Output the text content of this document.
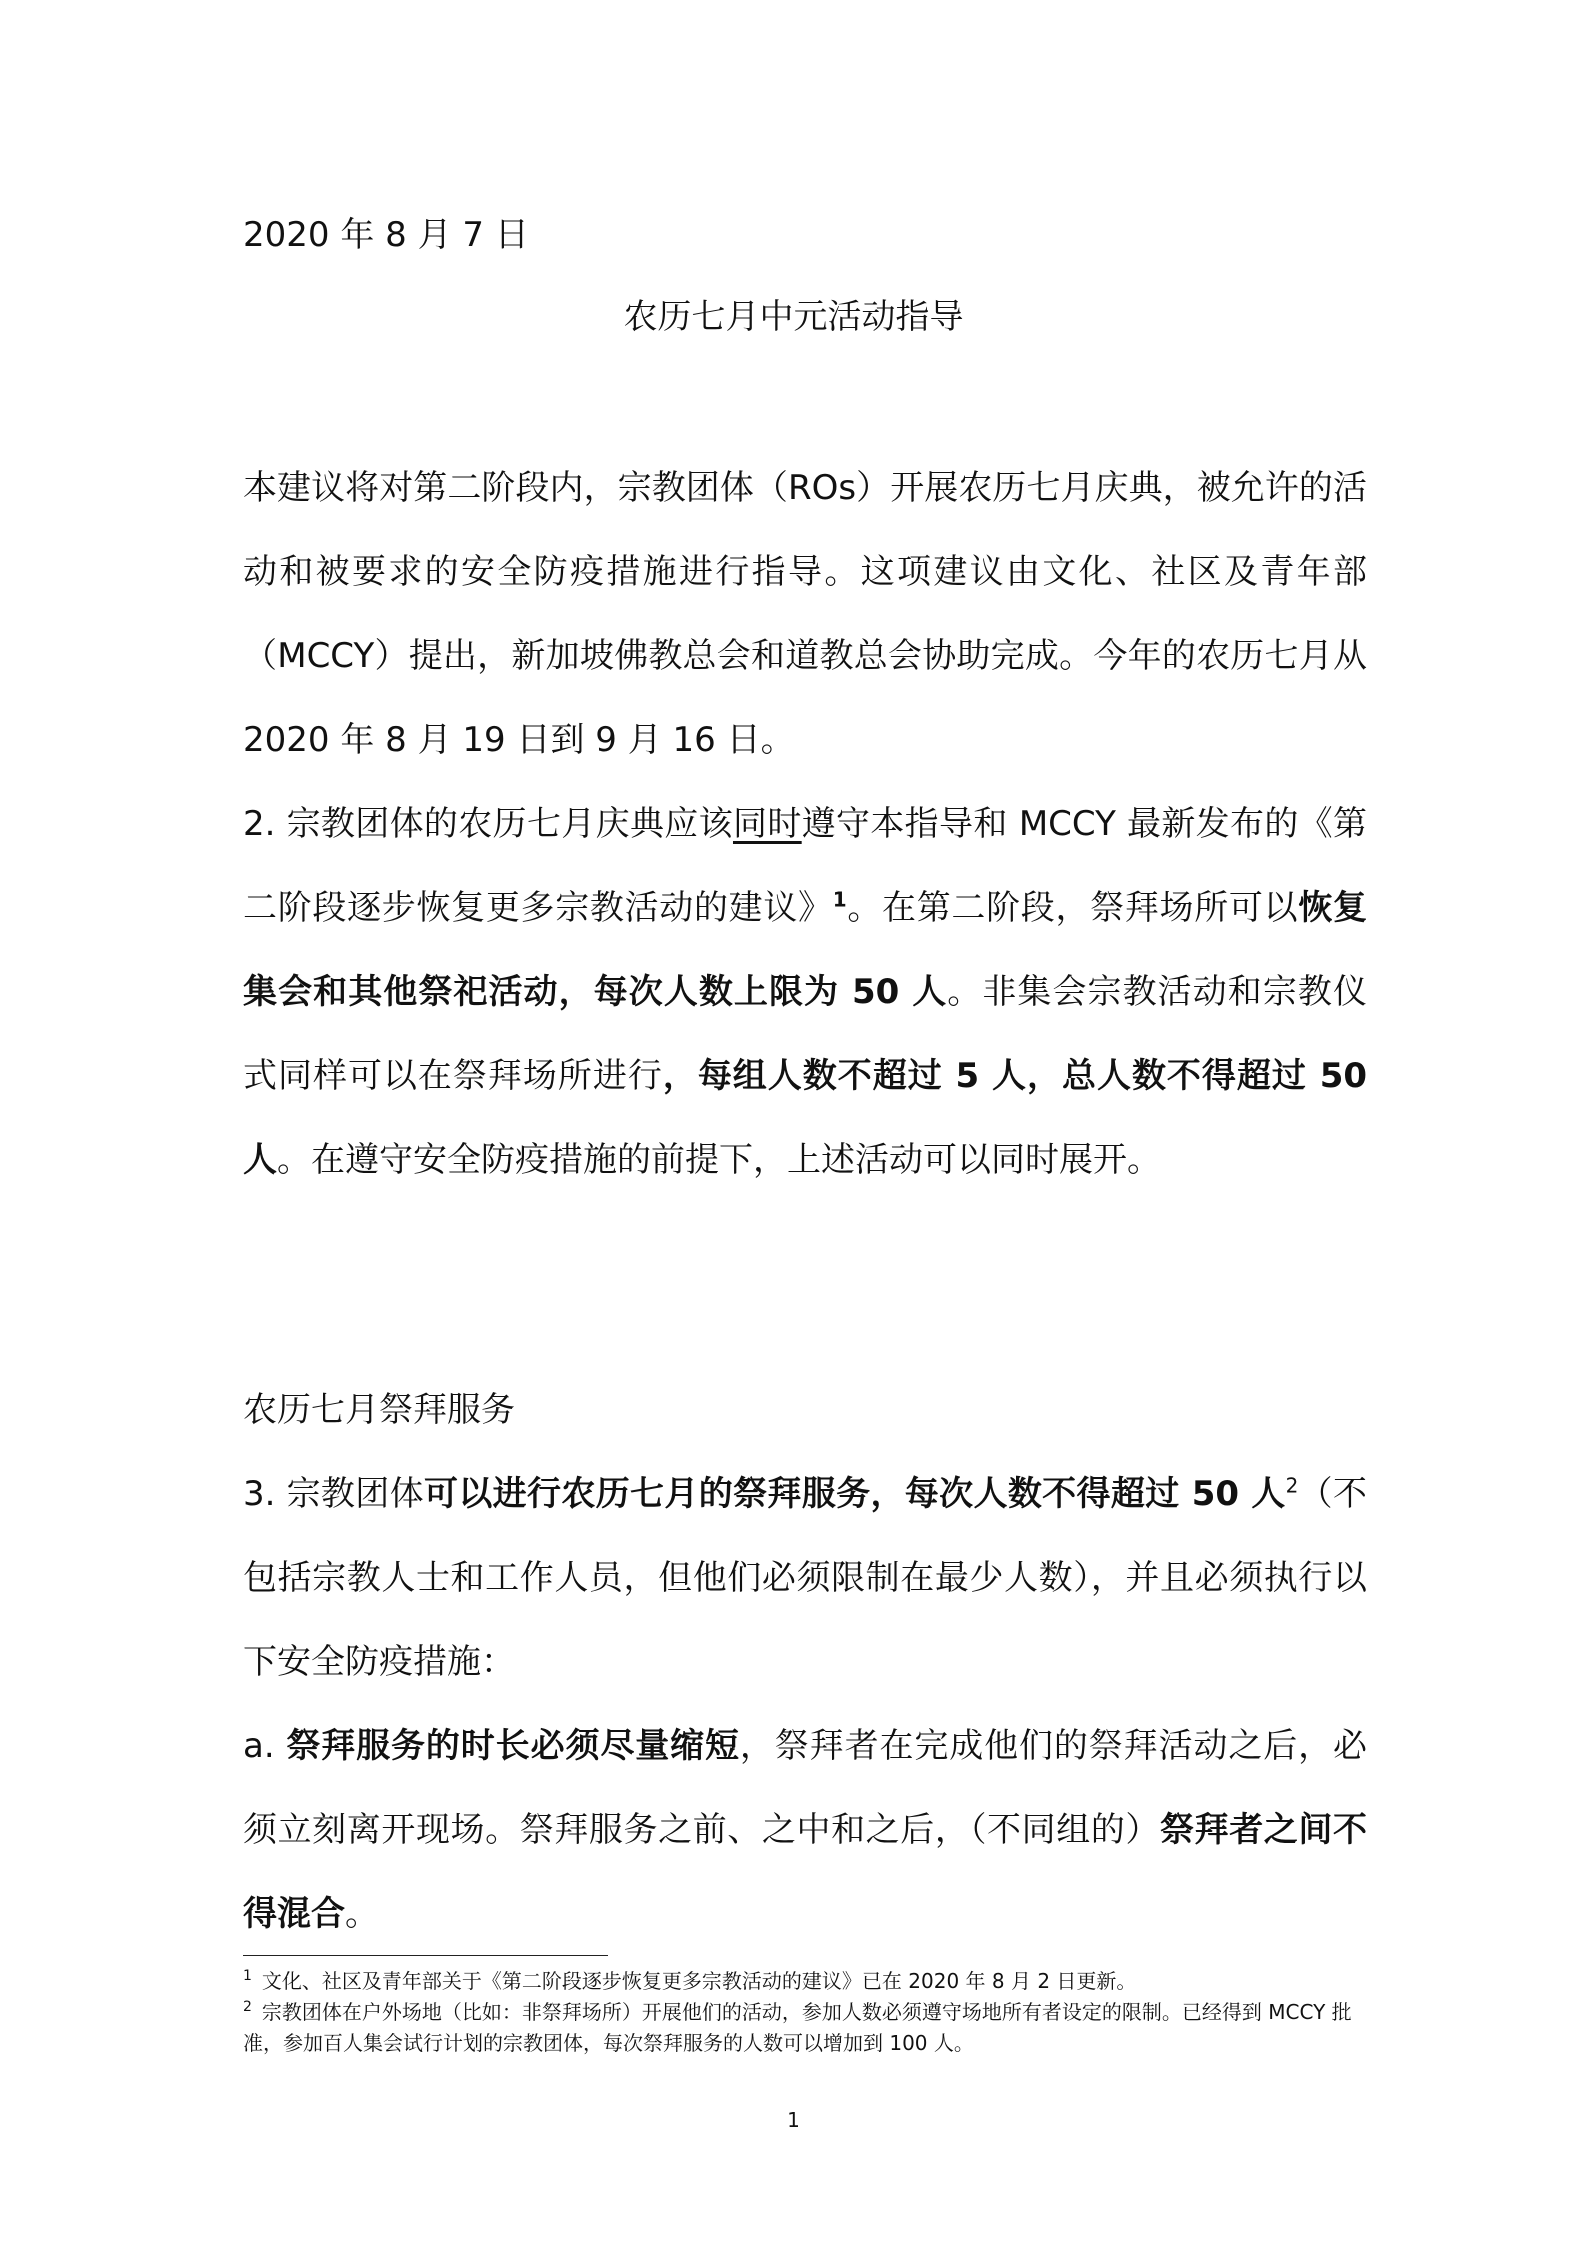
2020 年 8 月 7 日
农历七月中元活动指导

本建议将对第二阶段内，宗教团体（ROs）开展农历七月庆典，被允许的活动和被要求的安全防疫措施进行指导。这项建议由文化、社区及青年部（MCCY）提出，新加坡佛教总会和道教总会协助完成。今年的农历七月从 2020 年 8 月 19 日到 9 月 16 日。

2. 宗教团体的农历七月庆典应该同时遵守本指导和 MCCY 最新发布的《第二阶段逐步恢复更多宗教活动的建议》$^1$。在第二阶段，祭拜场所可以恢复集会和其他祭祀活动，每次人数上限为 50 人。非集会宗教活动和宗教仪式同样可以在祭拜场所进行，每组人数不超过 5 人，总人数不得超过 50 人。在遵守安全防疫措施的前提下，上述活动可以同时展开。

农历七月祭拜服务

3. 宗教团体可以进行农历七月的祭拜服务，每次人数不得超过 50 人$^2$（不包括宗教人士和工作人员，但他们必须限制在最少人数），并且必须执行以下安全防疫措施：

a. 祭拜服务的时长必须尽量缩短，祭拜者在完成他们的祭拜活动之后，必须立刻离开现场。祭拜服务之前、之中和之后，（不同组的）祭拜者之间不得混合。

$^1$ 文化、社区及青年部关于《第二阶段逐步恢复更多宗教活动的建议》已在 2020 年 8 月 2 日更新。

$^2$ 宗教团体在户外场地（比如：非祭拜场所）开展他们的活动，参加人数必须遵守场地所有者设定的限制。已经得到 MCCY 批准，参加百人集会试行计划的宗教团体，每次祭拜服务的人数可以增加到 100 人。

1
